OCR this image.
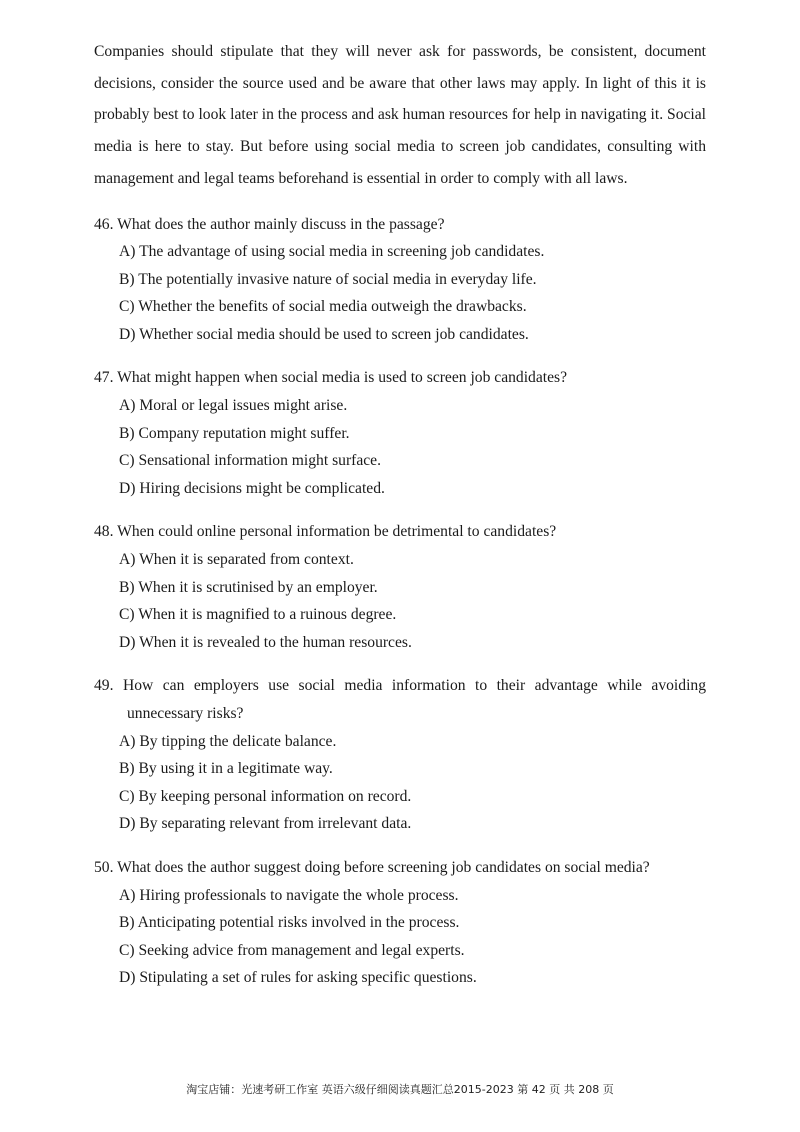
Companies should stipulate that they will never ask for passwords, be consistent, document decisions, consider the source used and be aware that other laws may apply. In light of this it is probably best to look later in the process and ask human resources for help in navigating it. Social media is here to stay. But before using social media to screen job candidates, consulting with management and legal teams beforehand is essential in order to comply with all laws.

46. What does the author mainly discuss in the passage?
A) The advantage of using social media in screening job candidates.
B) The potentially invasive nature of social media in everyday life.
C) Whether the benefits of social media outweigh the drawbacks.
D) Whether social media should be used to screen job candidates.
47. What might happen when social media is used to screen job candidates?
A) Moral or legal issues might arise.
B) Company reputation might suffer.
C) Sensational information might surface.
D) Hiring decisions might be complicated.
48. When could online personal information be detrimental to candidates?
A) When it is separated from context.
B) When it is scrutinised by an employer.
C) When it is magnified to a ruinous degree.
D) When it is revealed to the human resources.
49. How can employers use social media information to their advantage while avoiding unnecessary risks?
A) By tipping the delicate balance.
B) By using it in a legitimate way.
C) By keeping personal information on record.
D) By separating relevant from irrelevant data.
50. What does the author suggest doing before screening job candidates on social media?
A) Hiring professionals to navigate the whole process.
B) Anticipating potential risks involved in the process.
C) Seeking advice from management and legal experts.
D) Stipulating a set of rules for asking specific questions.
淘宝店铺：光速考研工作室 英语六级仔细阅读真题汇总2015-2023 第 42 页 共 208 页
